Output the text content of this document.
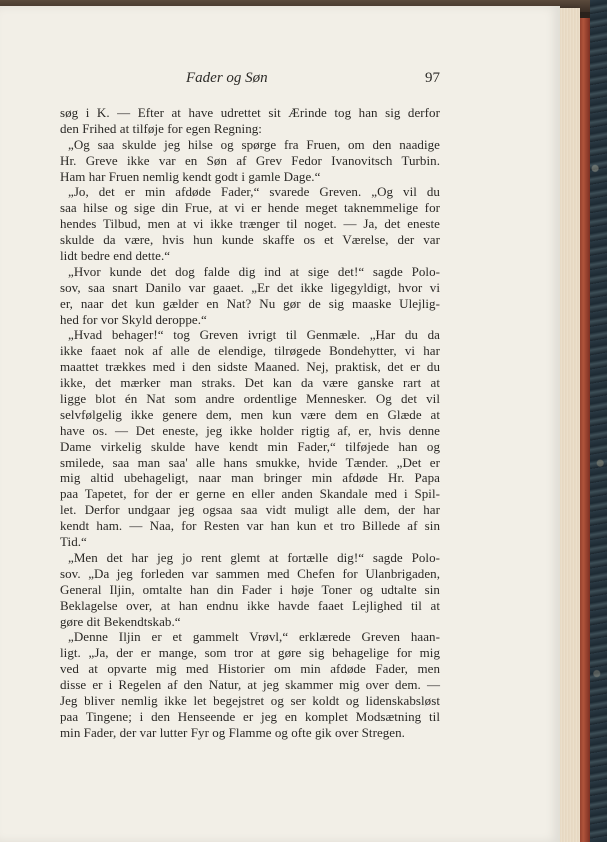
Fader og Søn	97
søg i K. — Efter at have udrettet sit Ærinde tog han sig derfor
den Frihed at tilføje for egen Regning:
„Og saa skulde jeg hilse og spørge fra Fruen, om den naadige
Hr. Greve ikke var en Søn af Grev Fedor Ivanovitsch Turbin.
Ham har Fruen nemlig kendt godt i gamle Dage.“
„Jo, det er min afdøde Fader,“ svarede Greven. „Og vil du
saa hilse og sige din Frue, at vi er hende meget taknemmelige for
hendes Tilbud, men at vi ikke trænger til noget. — Ja, det eneste
skulde da være, hvis hun kunde skaffe os et Værelse, der var
lidt bedre end dette.“
„Hvor kunde det dog falde dig ind at sige det!“ sagde Polo-
sov, saa snart Danilo var gaaet. „Er det ikke ligegyldigt, hvor vi
er, naar det kun gælder en Nat? Nu gør de sig maaske Ulejlig-
hed for vor Skyld deroppe.“
„Hvad behager!“ tog Greven ivrigt til Genmæle. „Har du da
ikke faaet nok af alle de elendige, tilrøgede Bondehytter, vi har
maattet trækkes med i den sidste Maaned. Nej, praktisk, det er du
ikke, det mærker man straks. Det kan da være ganske rart at
ligge blot én Nat som andre ordentlige Mennesker. Og det vil
selvfølgelig ikke genere dem, men kun være dem en Glæde at
have os. — Det eneste, jeg ikke holder rigtig af, er, hvis denne
Dame virkelig skulde have kendt min Fader,“ tilføjede han og
smilede, saa man saa' alle hans smukke, hvide Tænder. „Det er
mig altid ubehageligt, naar man bringer min afdøde Hr. Papa
paa Tapetet, for der er gerne en eller anden Skandale med i Spil-
let. Derfor undgaar jeg ogsaa saa vidt muligt alle dem, der har
kendt ham. — Naa, for Resten var han kun et tro Billede af sin
Tid.“
„Men det har jeg jo rent glemt at fortælle dig!“ sagde Polo-
sov. „Da jeg forleden var sammen med Chefen for Ulanbrigaden,
General Iljin, omtalte han din Fader i høje Toner og udtalte sin
Beklagelse over, at han endnu ikke havde faaet Lejlighed til at
gøre dit Bekendtskab.“
„Denne Iljin er et gammelt Vrøvl,“ erklærede Greven haan-
ligt. „Ja, der er mange, som tror at gøre sig behagelige for mig
ved at opvarte mig med Historier om min afdøde Fader, men
disse er i Regelen af den Natur, at jeg skammer mig over dem. —
Jeg bliver nemlig ikke let begejstret og ser koldt og lidenskabsløst
paa Tingene; i den Henseende er jeg en komplet Modsætning til
min Fader, der var lutter Fyr og Flamme og ofte gik over Stregen.
